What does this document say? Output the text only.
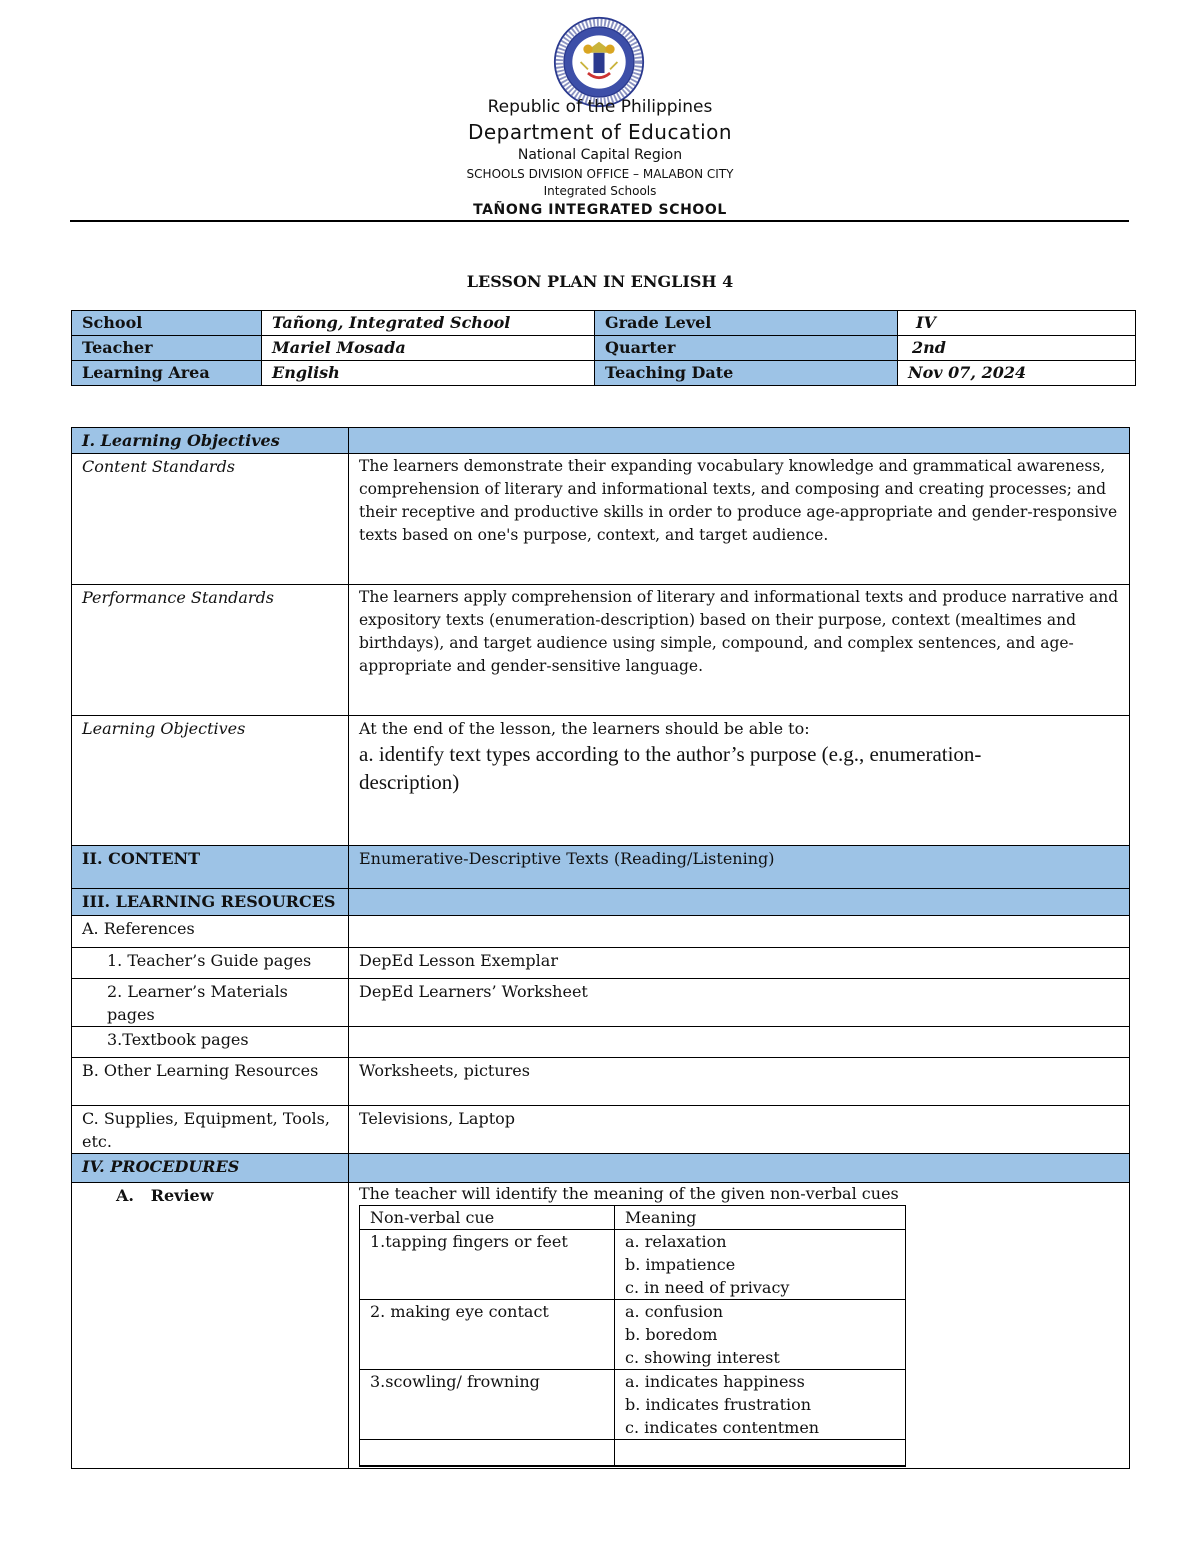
Republic of the Philippines
Department of Education
National Capital Region
SCHOOLS DIVISION OFFICE – MALABON CITY
Integrated Schools
TAÑONG INTEGRATED SCHOOL
LESSON PLAN IN ENGLISH 4
School	Tañong, Integrated School	Grade Level	IV
Teacher	Mariel Mosada	Quarter	2nd
Learning Area	English	Teaching Date	Nov 07, 2024
I. Learning Objectives	
Content Standards	The learners demonstrate their expanding vocabulary knowledge and grammatical awareness, comprehension of literary and informational texts, and composing and creating processes; and their receptive and productive skills in order to produce age-appropriate and gender-responsive texts based on one's purpose, context, and target audience.
Performance Standards	The learners apply comprehension of literary and informational texts and produce narrative and expository texts (enumeration-description) based on their purpose, context (mealtimes and birthdays), and target audience using simple, compound, and complex sentences, and age-appropriate and gender-sensitive language.
Learning Objectives	At the end of the lesson, the learners should be able to:
a. identify text types according to the author’s purpose (e.g., enumeration-description)

II. CONTENT	Enumerative-Descriptive Texts (Reading/Listening)
III. LEARNING RESOURCES	
A. References	
1. Teacher’s Guide pages	DepEd Lesson Exemplar
2. Learner’s Materials pages	DepEd Learners’ Worksheet
3.Textbook pages	
B. Other Learning Resources	Worksheets, pictures
C. Supplies, Equipment, Tools, etc.	Televisions, Laptop
IV. PROCEDURES	
A.   Review	The teacher will identify the meaning of the given non-verbal cues
Non-verbal cue	Meaning
1.tapping fingers or feet	a. relaxation
b. impatience
c. in need of privacy

2. making eye contact	a. confusion
b. boredom
c. showing interest

3.scowling/ frowning	a. indicates happiness
b. indicates frustration
c. indicates contentmen
